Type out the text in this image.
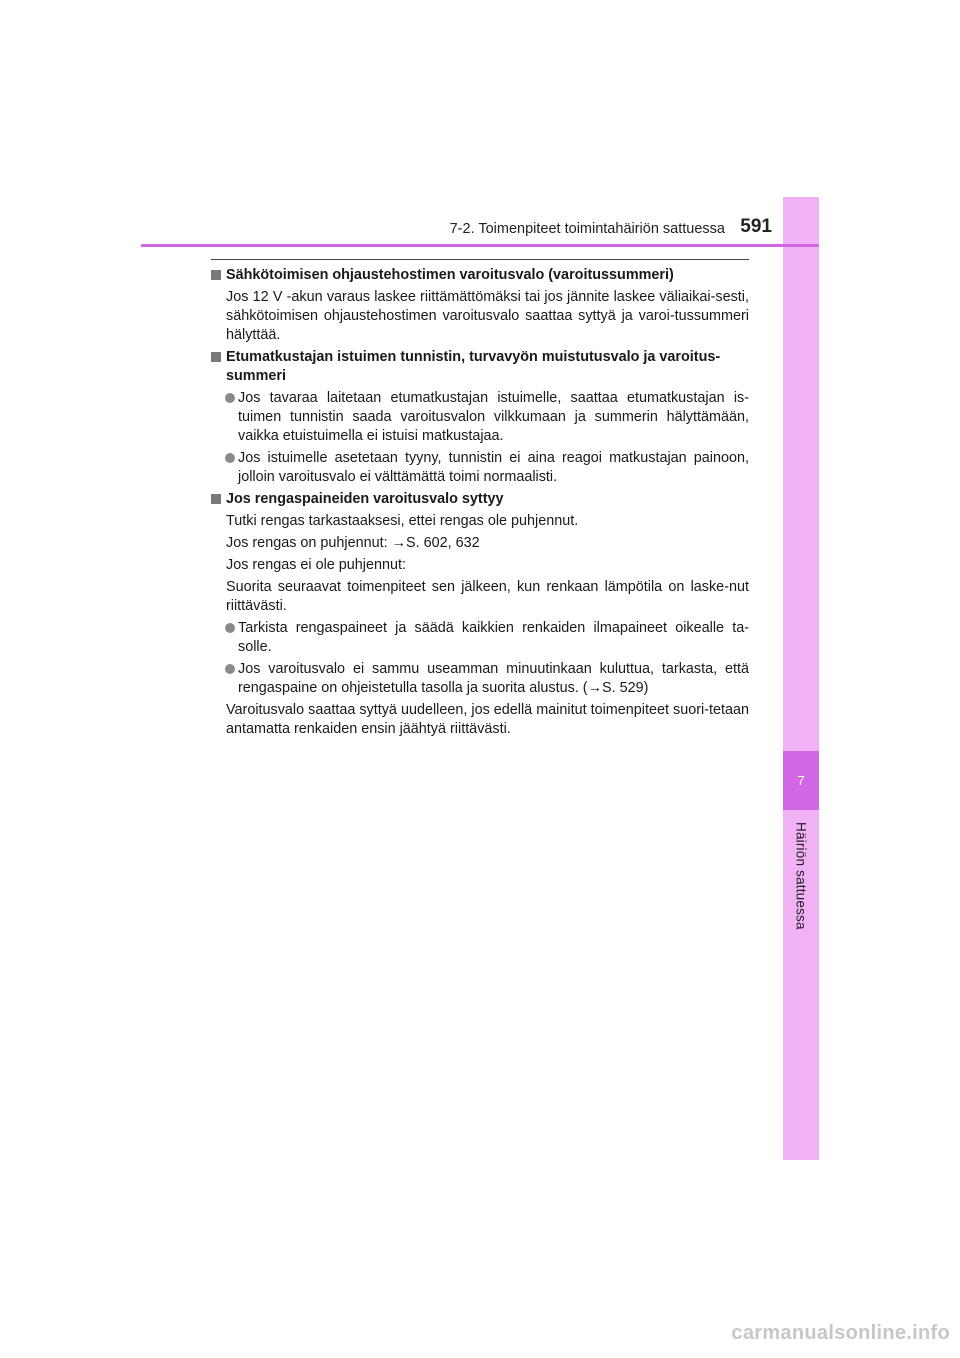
7
Häiriön sattuessa
7-2. Toimenpiteet toimintahäiriön sattuessa 591
Sähkötoimisen ohjaustehostimen varoitusvalo (varoitussummeri)

Jos 12 V -akun varaus laskee riittämättömäksi tai jos jännite laskee väliaikai-sesti, sähkötoimisen ohjaustehostimen varoitusvalo saattaa syttyä ja varoi-tussummeri hälyttää.

Etumatkustajan istuimen tunnistin, turvavyön muistutusvalo ja varoitus-summeri
Jos tavaraa laitetaan etumatkustajan istuimelle, saattaa etumatkustajan is-tuimen tunnistin saada varoitusvalon vilkkumaan ja summerin hälyttämään, vaikka etuistuimella ei istuisi matkustajaa.
Jos istuimelle asetetaan tyyny, tunnistin ei aina reagoi matkustajan painoon, jolloin varoitusvalo ei välttämättä toimi normaalisti.
Jos rengaspaineiden varoitusvalo syttyy

Tutki rengas tarkastaaksesi, ettei rengas ole puhjennut.

Jos rengas on puhjennut: →S. 602, 632

Jos rengas ei ole puhjennut:

Suorita seuraavat toimenpiteet sen jälkeen, kun renkaan lämpötila on laske-nut riittävästi.

Tarkista rengaspaineet ja säädä kaikkien renkaiden ilmapaineet oikealle ta-solle.
Jos varoitusvalo ei sammu useamman minuutinkaan kuluttua, tarkasta, että rengaspaine on ohjeistetulla tasolla ja suorita alustus. (→S. 529)

Varoitusvalo saattaa syttyä uudelleen, jos edellä mainitut toimenpiteet suori-tetaan antamatta renkaiden ensin jäähtyä riittävästi.

carmanualsonline.info
